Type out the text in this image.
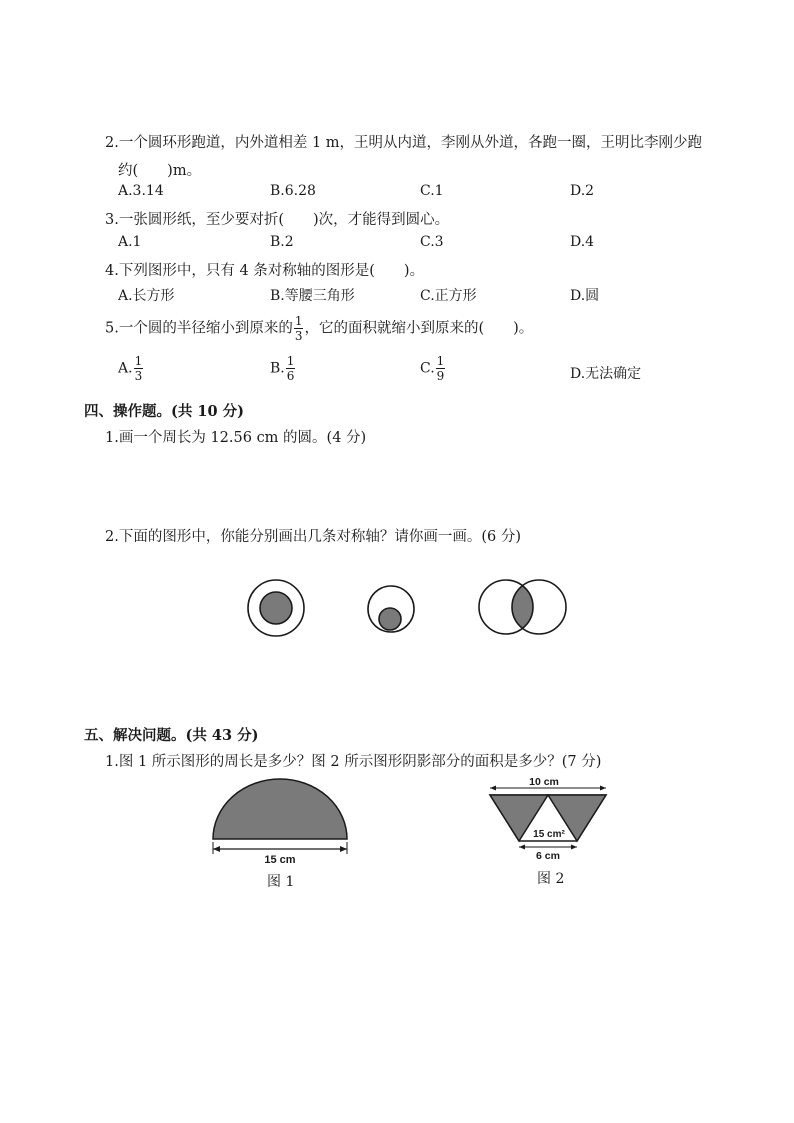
2.一个圆环形跑道，内外道相差 1 m，王明从内道，李刚从外道，各跑一圈，王明比李刚少跑
约(　　)m。
A.3.14	B.6.28	C.1	D.2
3.一张圆形纸，至少要对折(　　)次，才能得到圆心。
A.1	B.2	C.3	D.4
4.下列图形中，只有 4 条对称轴的图形是(　　)。
A.长方形	B.等腰三角形	C.正方形	D.圆
5.一个圆的半径缩小到原来的 $\frac{1}{3}$ ，它的面积就缩小到原来的(　　)。
A. $\frac{1}{3}$	B. $\frac{1}{6}$	C. $\frac{1}{9}$	D.无法确定
四、操作题。(共 10 分)
1.画一个周长为 12.56 cm 的圆。(4 分)
2.下面的图形中，你能分别画出几条对称轴？请你画一画。(6 分)
五、解决问题。(共 43 分)
1.图 1 所示图形的周长是多少？图 2 所示图形阴影部分的面积是多少？(7 分)
15 cm
图 1
10 cm
15 cm²
6 cm
图 2
